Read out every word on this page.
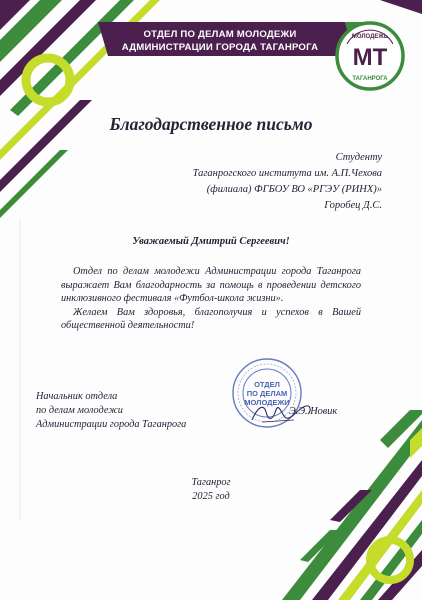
ОТДЕЛ ПО ДЕЛАМ МОЛОДЕЖИ
АДМИНИСТРАЦИИ ГОРОДА ТАГАНРОГА	МТ
МОЛОДЕЖЬ
ТАГАНРОГА
Благодарственное письмо
Студенту
Таганрогского института им. А.П.Чехова
(филиала) ФГБОУ ВО «РГЭУ (РИНХ)»
Горобец Д.С.
Уважаемый Дмитрий Сергеевич!

Отдел по делам молодежи Администрации города Таганрога выражает Вам благодарность за помощь в проведении детского инклюзивного фестиваля «Футбол-школа жизни».

Желаем Вам здоровья, благополучия и успехов в Вашей общественной деятельности!

Начальник отдела
по делам молодежи
Администрации города Таганрога
ОТДЕЛ
ПО ДЕЛАМ
МОЛОДЕЖИ
Э.Э. Новик
Таганрог
2025 год
